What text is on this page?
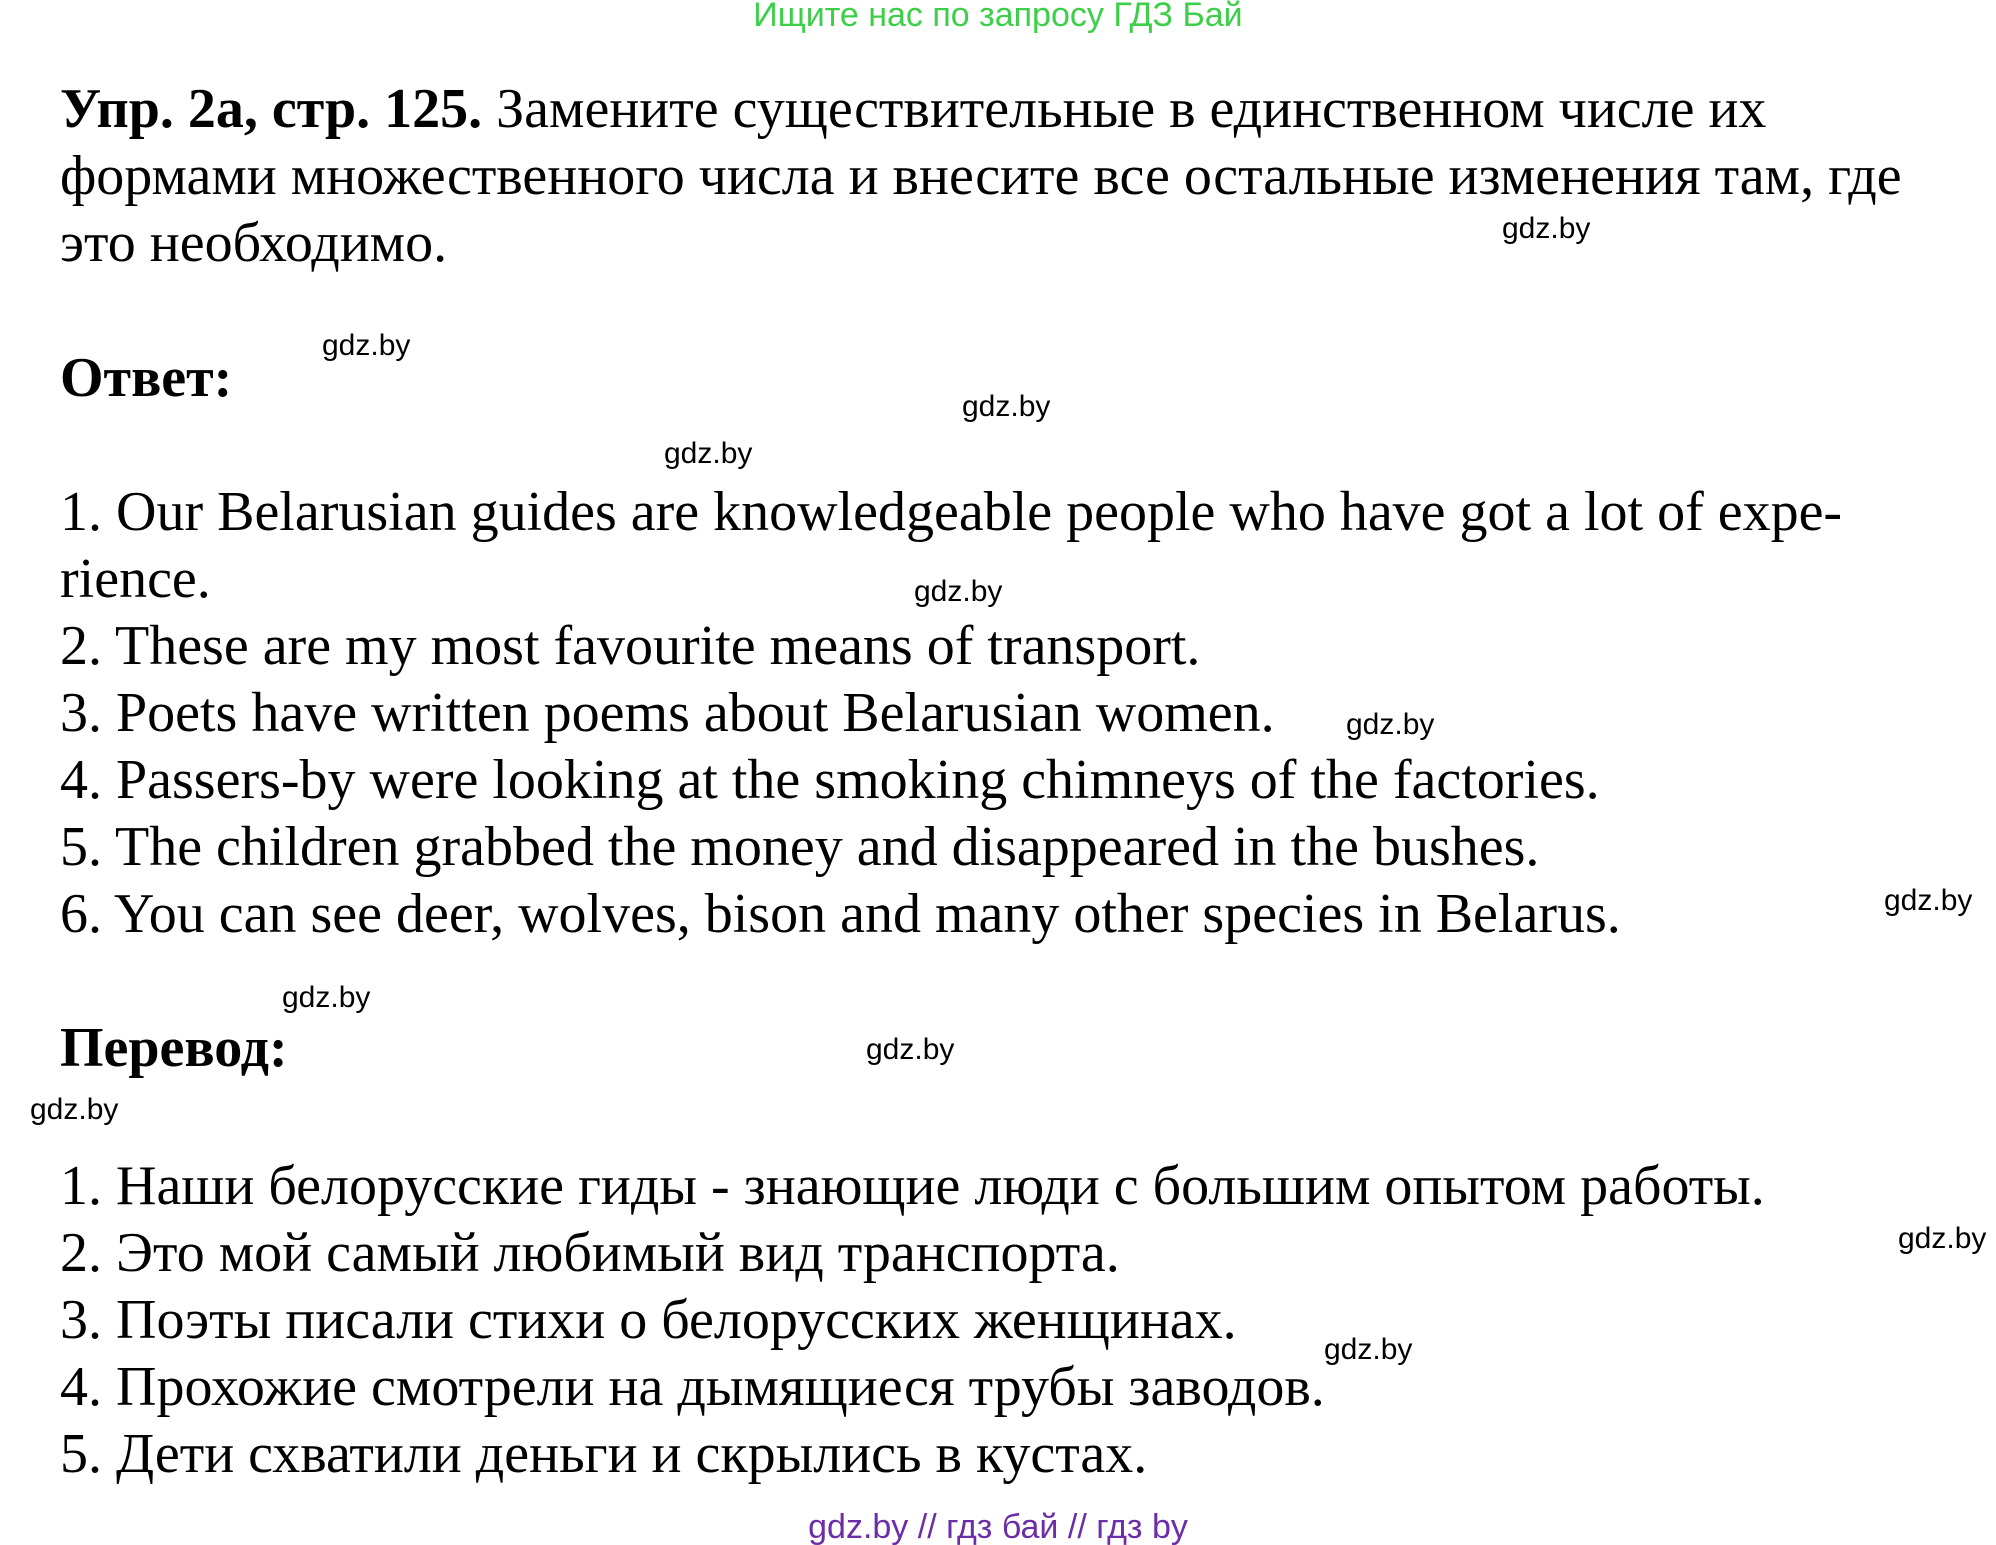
Ищите нас по запросу ГДЗ Бай
Упр. 2а, стр. 125. Замените существительные в единственном числе их формами множественного числа и внесите все остальные изменения там, где это необходимо.
Ответ:
1. Our Belarusian guides are knowledgeable people who have got a lot of expe-
rience.
2. These are my most favourite means of transport.
3. Poets have written poems about Belarusian women.
4. Passers-by were looking at the smoking chimneys of the factories.
5. The children grabbed the money and disappeared in the bushes.
6. You can see deer, wolves, bison and many other species in Belarus.
Перевод:
1. Наши белорусские гиды - знающие люди с большим опытом работы.
2. Это мой самый любимый вид транспорта.
3. Поэты писали стихи о белорусских женщинах.
4. Прохожие смотрели на дымящиеся трубы заводов.
5. Дети схватили деньги и скрылись в кустах.
gdz.by
gdz.by
gdz.by
gdz.by
gdz.by
gdz.by
gdz.by
gdz.by
gdz.by
gdz.by
gdz.by
gdz.by
gdz.by // гдз бай // гдз by
